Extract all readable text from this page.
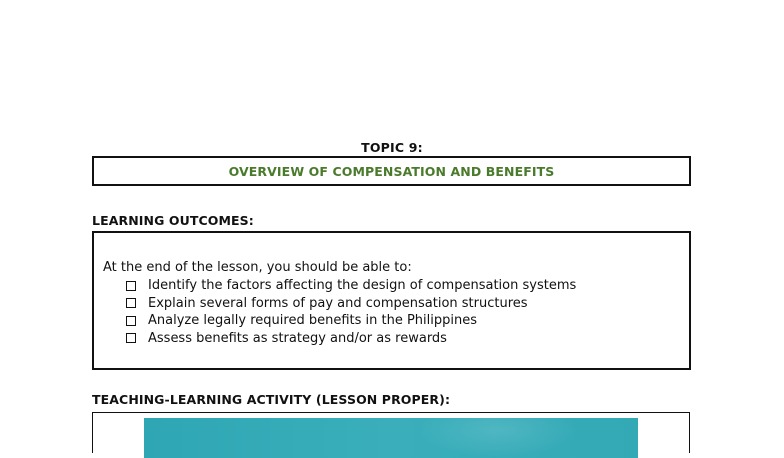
TOPIC 9:
OVERVIEW OF COMPENSATION AND BENEFITS
LEARNING OUTCOMES:
At the end of the lesson, you should be able to:
Identify the factors affecting the design of compensation systems
Explain several forms of pay and compensation structures
Analyze legally required benefits in the Philippines
Assess benefits as strategy and/or as rewards
TEACHING-LEARNING ACTIVITY (LESSON PROPER):
